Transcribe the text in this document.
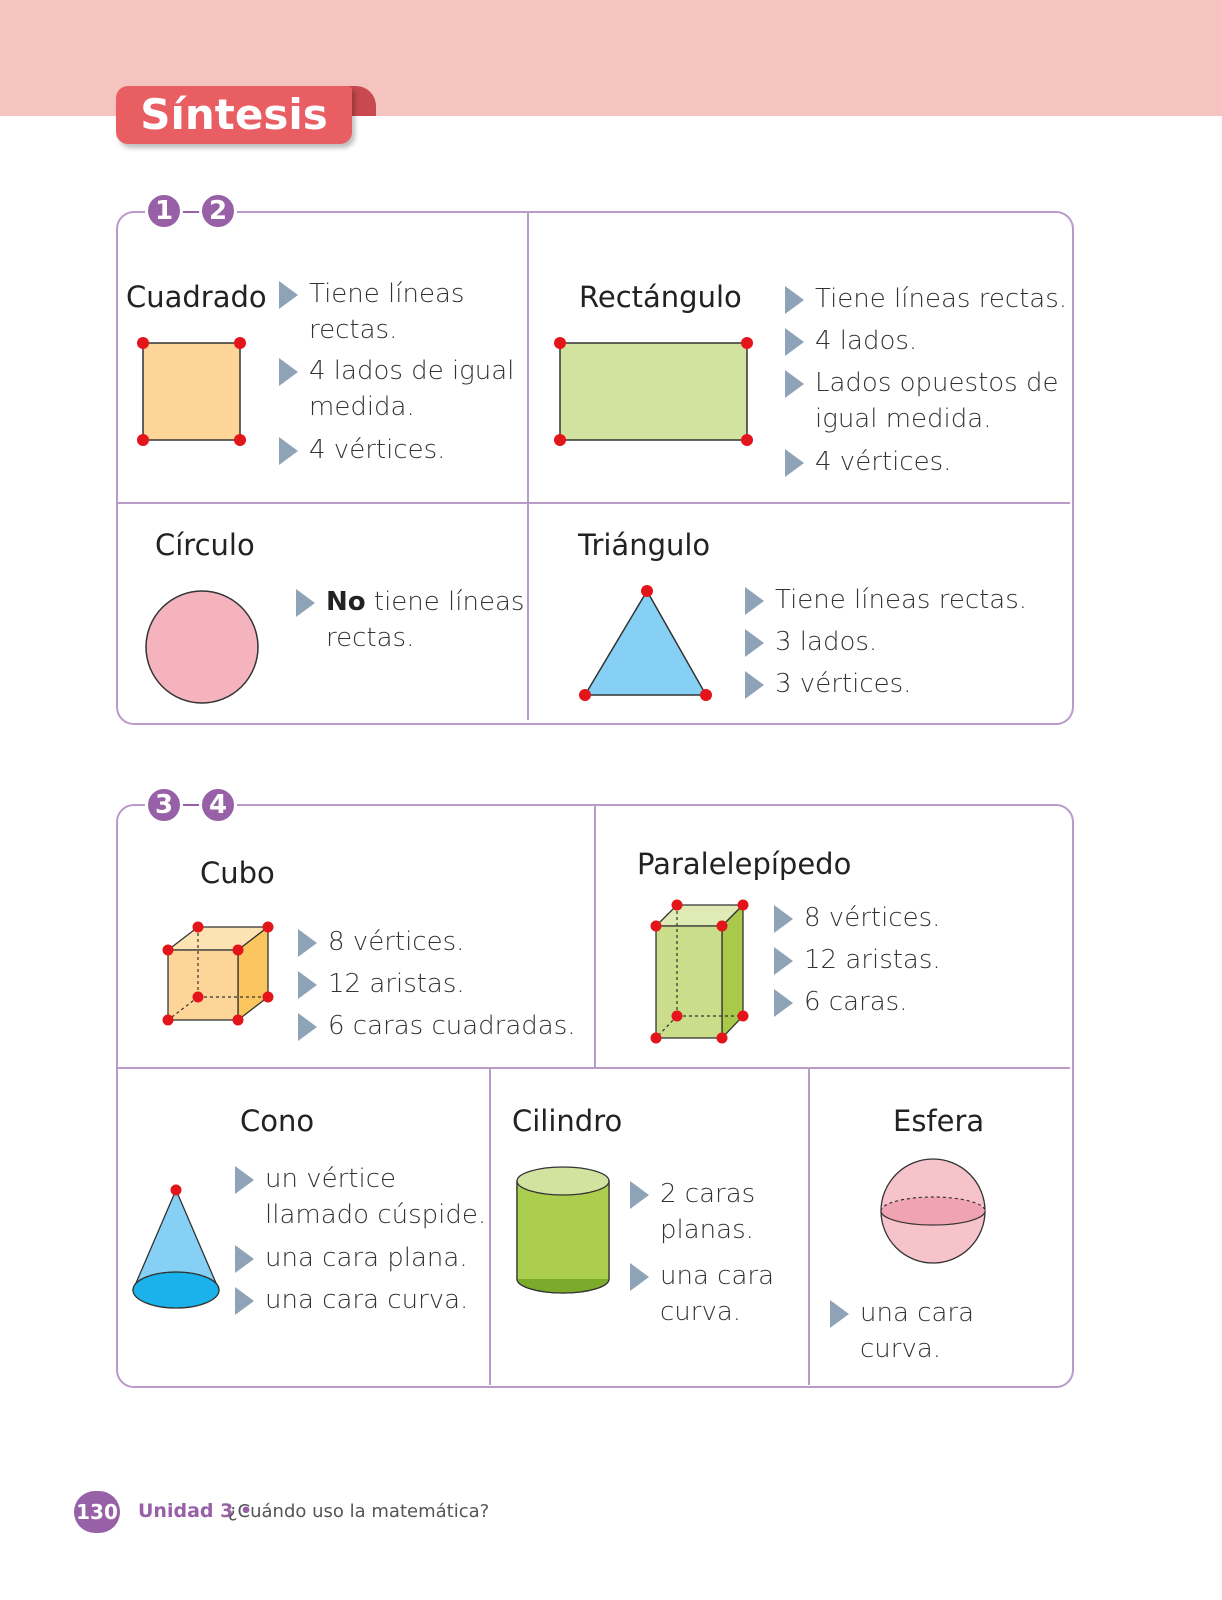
Síntesis
1	2
Cuadrado	Tiene líneas rectas.
4 lados de igual medida.
4 vértices.
Rectángulo	Tiene líneas rectas.
4 lados.
Lados opuestos de igual medida.
4 vértices.
Círculo
No tiene líneas rectas.
Triángulo
Tiene líneas rectas.
3 lados.
3 vértices.
3	4
Cubo
8 vértices.
12 aristas.
6 caras cuadradas.
Paralelepípedo
8 vértices.
12 aristas.
6 caras.
Cono
un vértice llamado cúspide.
una cara plana.
una cara curva.
Cilindro
2 caras planas.
una cara curva.
Esfera
una cara curva.
130 Unidad 3 •
¿Cuándo uso la matemática?
